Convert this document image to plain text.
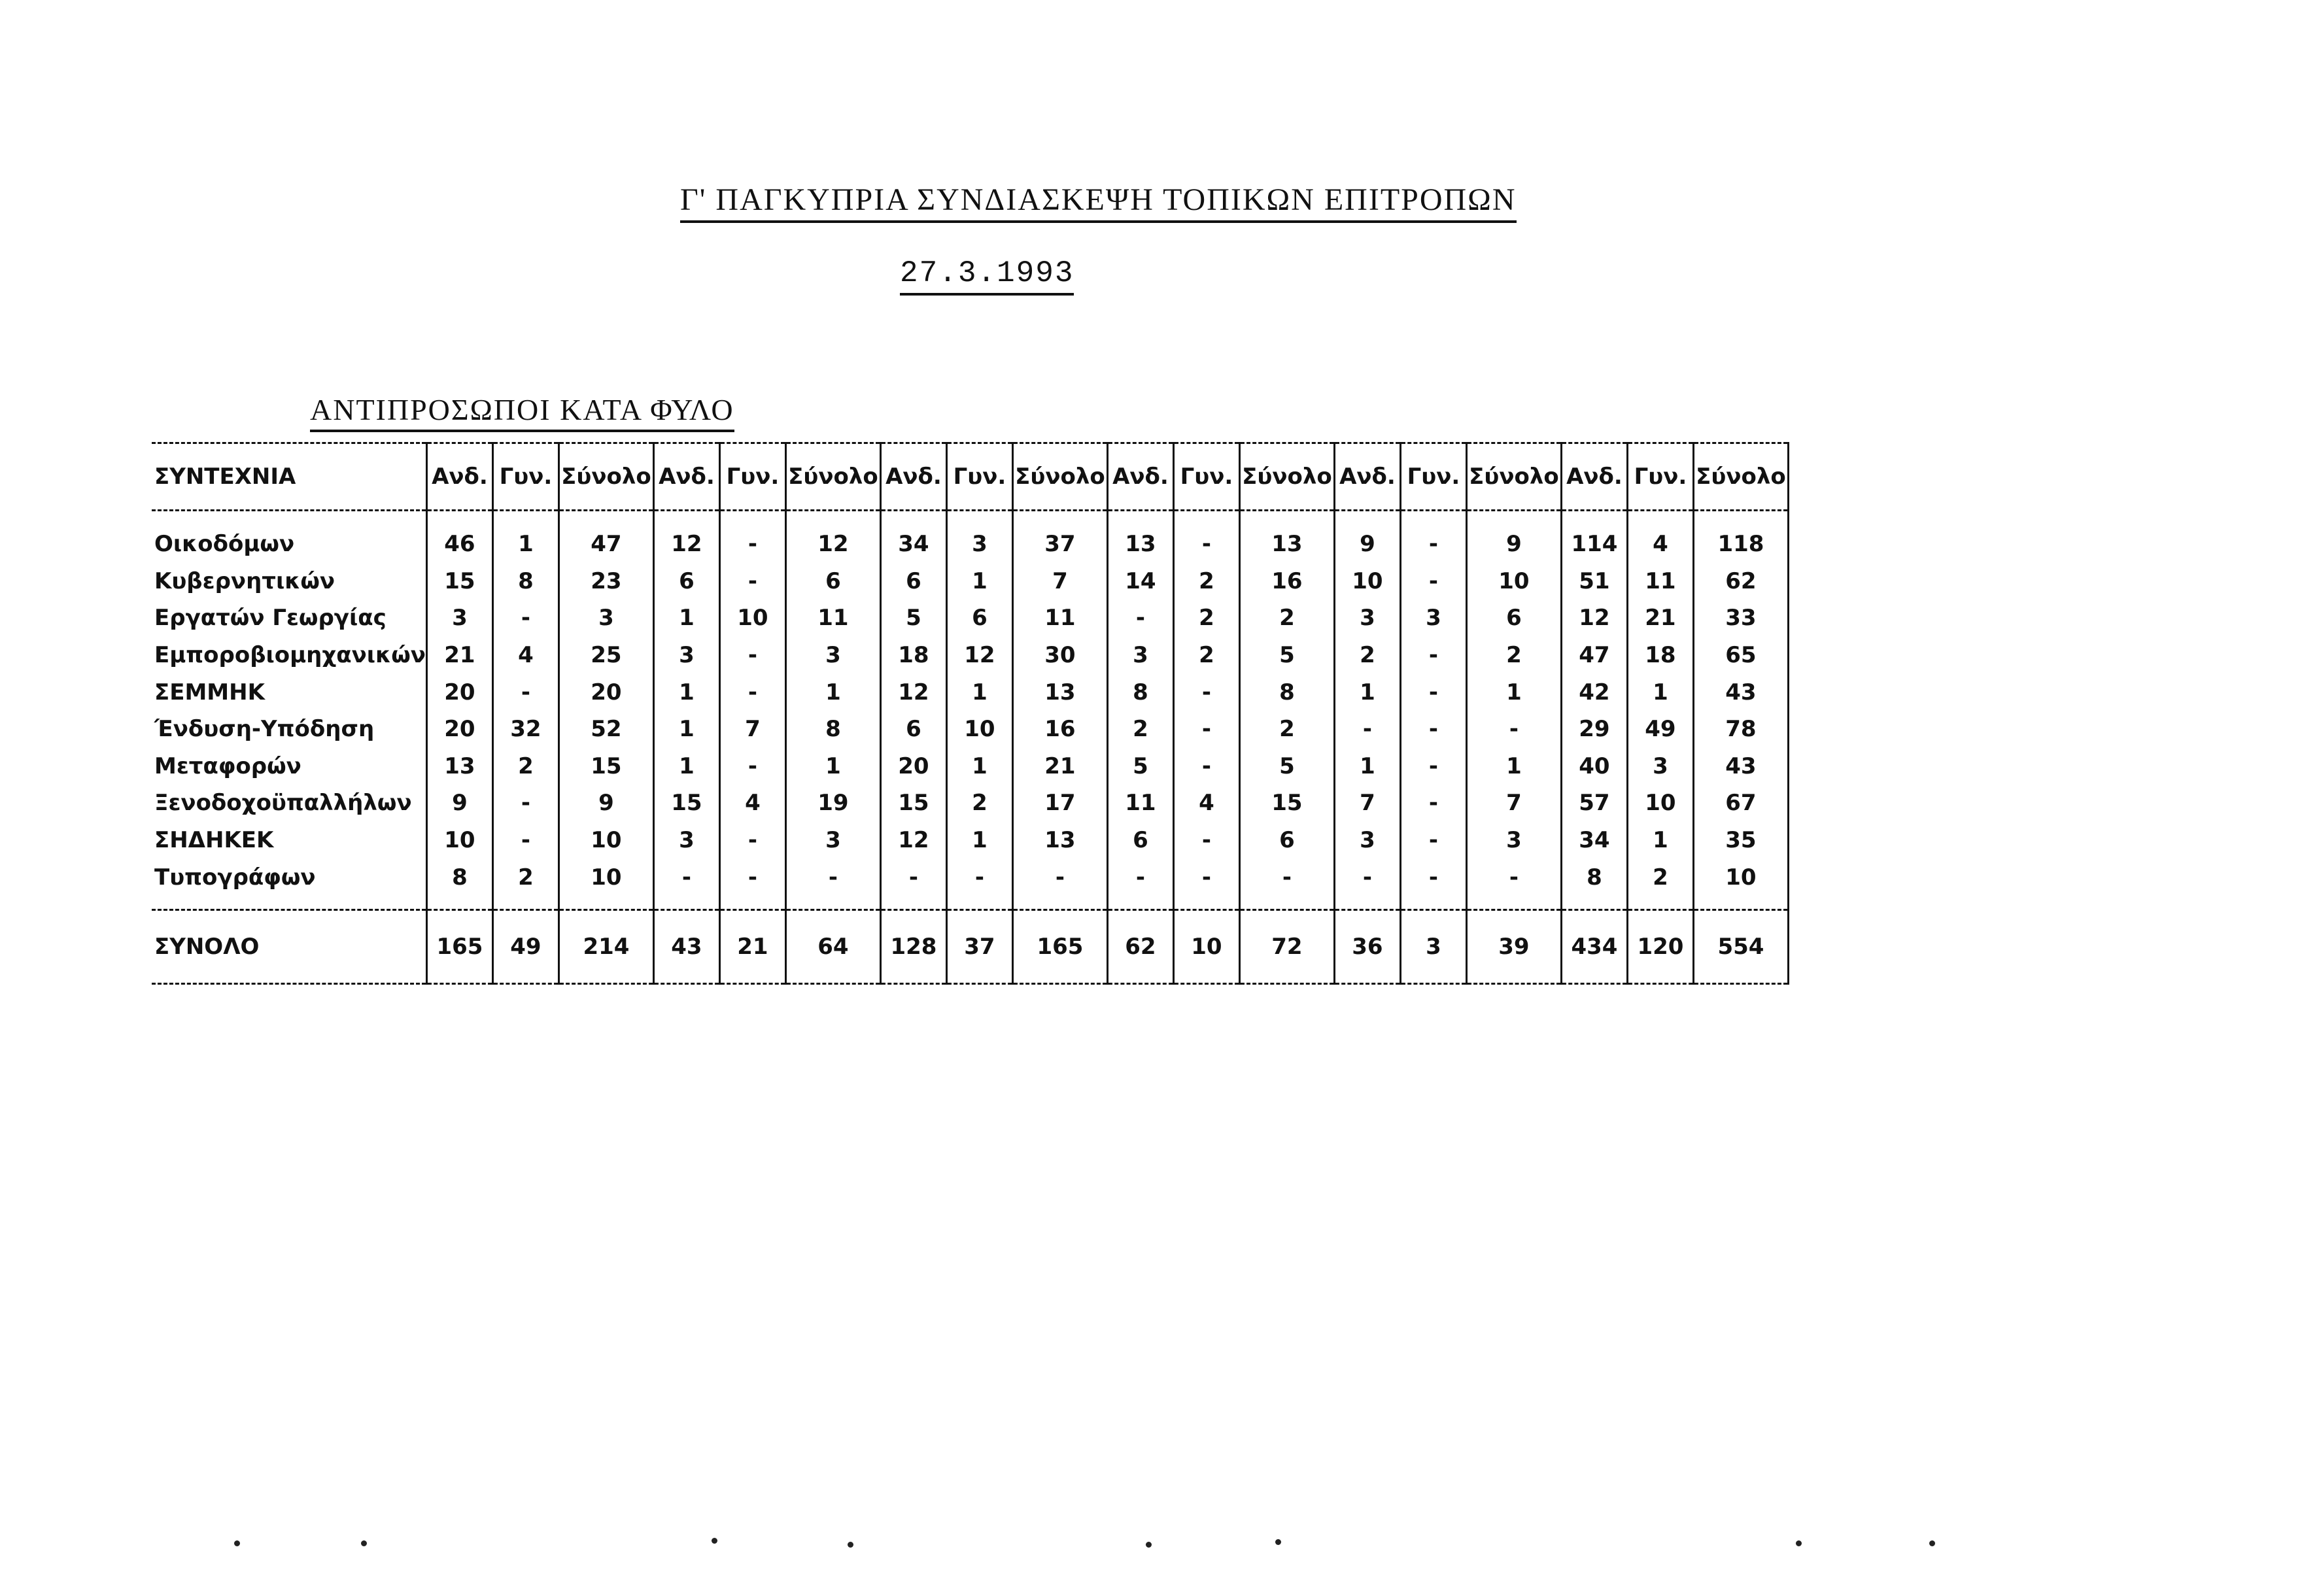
Γ' ΠΑΓΚΥΠΡΙΑ ΣΥΝΔΙΑΣΚΕΨΗ ΤΟΠΙΚΩΝ ΕΠΙΤΡΟΠΩΝ
27.3.1993
ΑΝΤΙΠΡΟΣΩΠΟΙ ΚΑΤΑ ΦΥΛΟ
ΣΥΝΤΕΧΝΙΑ	Ανδ.	Γυν.	Σύνολο	Ανδ.	Γυν.	Σύνολο	Ανδ.	Γυν.	Σύνολο	Ανδ.	Γυν.	Σύνολο	Ανδ.	Γυν.	Σύνολο	Ανδ.	Γυν.	Σύνολο
Οικοδόμων	46	1	47	12	-	12	34	3	37	13	-	13	9	-	9	114	4	118
Κυβερνητικών	15	8	23	6	-	6	6	1	7	14	2	16	10	-	10	51	11	62
Εργατών Γεωργίας	3	-	3	1	10	11	5	6	11	-	2	2	3	3	6	12	21	33
Εμποροβιομηχανικών	21	4	25	3	-	3	18	12	30	3	2	5	2	-	2	47	18	65
ΣΕΜΜΗΚ	20	-	20	1	-	1	12	1	13	8	-	8	1	-	1	42	1	43
Ένδυση-Υπόδηση	20	32	52	1	7	8	6	10	16	2	-	2	-	-	-	29	49	78
Μεταφορών	13	2	15	1	-	1	20	1	21	5	-	5	1	-	1	40	3	43
Ξενοδοχοϋπαλλήλων	9	-	9	15	4	19	15	2	17	11	4	15	7	-	7	57	10	67
ΣΗΔΗΚΕΚ	10	-	10	3	-	3	12	1	13	6	-	6	3	-	3	34	1	35
Τυπογράφων	8	2	10	-	-	-	-	-	-	-	-	-	-	-	-	8	2	10
ΣΥΝΟΛΟ	165	49	214	43	21	64	128	37	165	62	10	72	36	3	39	434	120	554
